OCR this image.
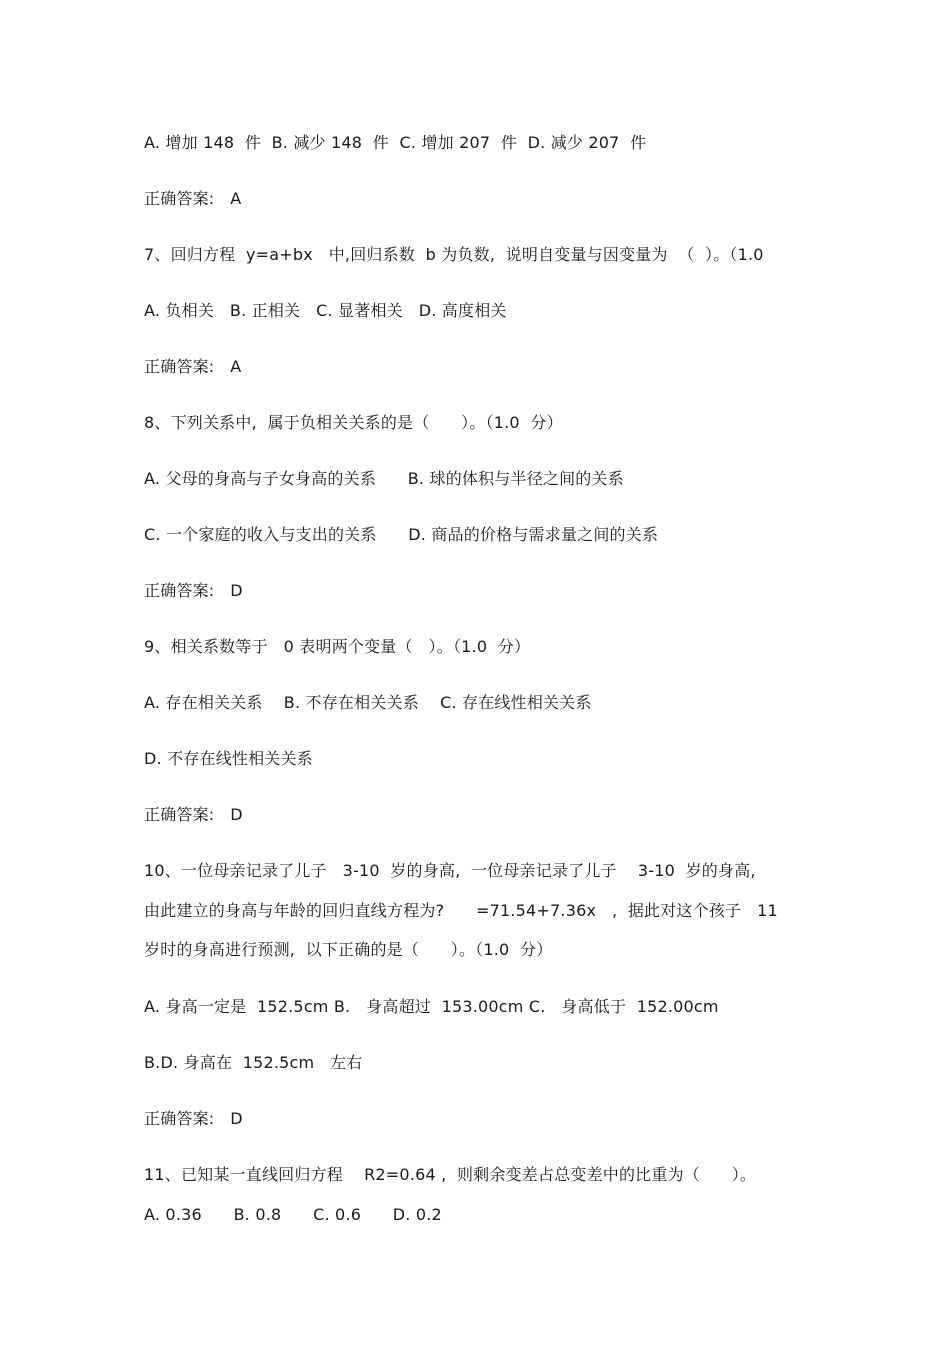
A. 增加 148  件  B. 减少 148  件  C. 增加 207  件  D. 减少 207  件

正确答案:   A

7、回归方程  y=a+bx   中,回归系数  b 为负数,  说明自变量与因变量为  （  ）。（1.0

A. 负相关   B. 正相关   C. 显著相关   D. 高度相关

正确答案:   A

8、下列关系中,  属于负相关关系的是（      ）。（1.0  分）

A. 父母的身高与子女身高的关系      B. 球的体积与半径之间的关系

C. 一个家庭的收入与支出的关系      D. 商品的价格与需求量之间的关系

正确答案:   D

9、相关系数等于   0 表明两个变量（   ）。（1.0  分）

A. 存在相关关系    B. 不存在相关关系    C. 存在线性相关关系

D. 不存在线性相关关系

正确答案:   D

10、一位母亲记录了儿子   3-10  岁的身高,  一位母亲记录了儿子    3-10  岁的身高,

由此建立的身高与年龄的回归直线方程为?      =71.54+7.36x   ,  据此对这个孩子   11

岁时的身高进行预测,  以下正确的是（      ）。（1.0  分）

A. 身高一定是  152.5cm B.   身高超过  153.00cm C.   身高低于  152.00cm

B.D. 身高在  152.5cm   左右

正确答案:   D

11、已知某一直线回归方程    R2=0.64 ,  则剩余变差占总变差中的比重为（      ）。

A. 0.36      B. 0.8      C. 0.6      D. 0.2
